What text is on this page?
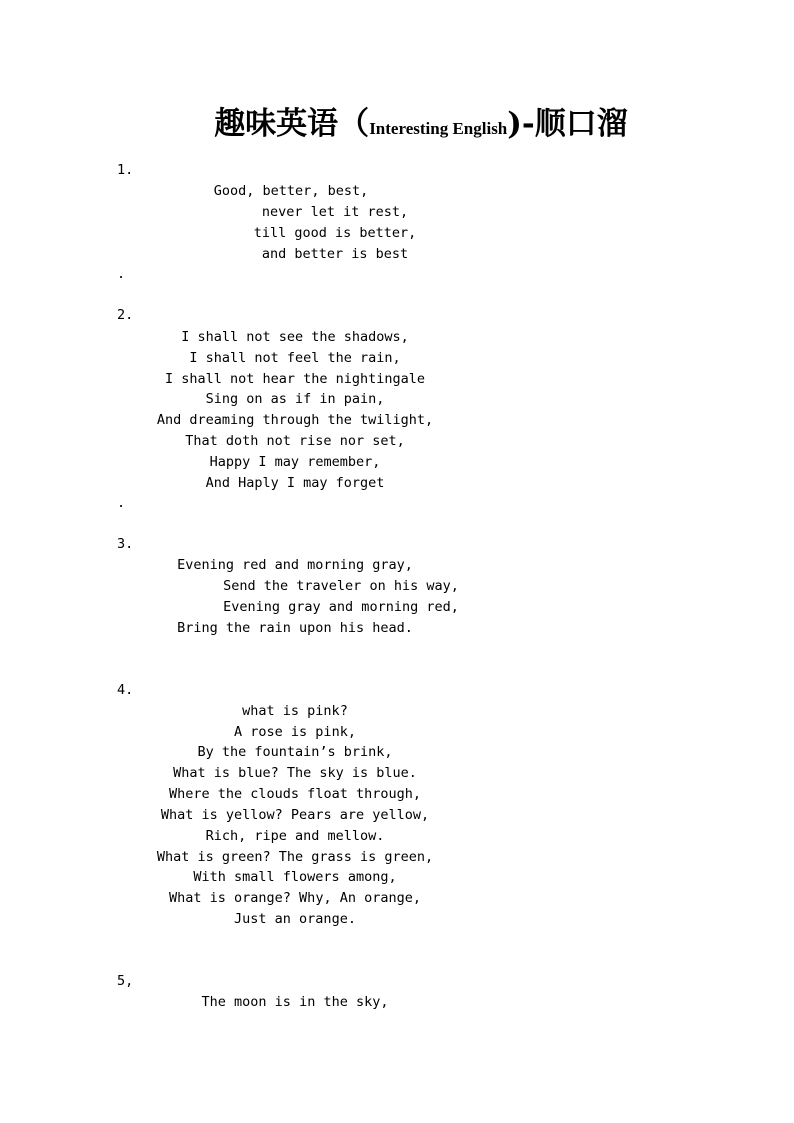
趣味英语（Interesting English)-顺口溜
1.
Good, better, best,
never let it rest,
till good is better,
and better is best
.
2.
I shall not see the shadows,
I shall not feel the rain,
I shall not hear the nightingale
Sing on as if in pain,
And dreaming through the twilight,
That doth not rise nor set,
Happy I may remember,
And Haply I may forget
.
3.
Evening red and morning gray,
Send the traveler on his way,
Evening gray and morning red,
Bring the rain upon his head.
4.
what is pink?
A rose is pink,
By the fountain’s brink,
What is blue? The sky is blue.
Where the clouds float through,
What is yellow? Pears are yellow,
Rich, ripe and mellow.
What is green? The grass is green,
With small flowers among,
What is orange? Why, An orange,
Just an orange.
5,
The moon is in the sky,
